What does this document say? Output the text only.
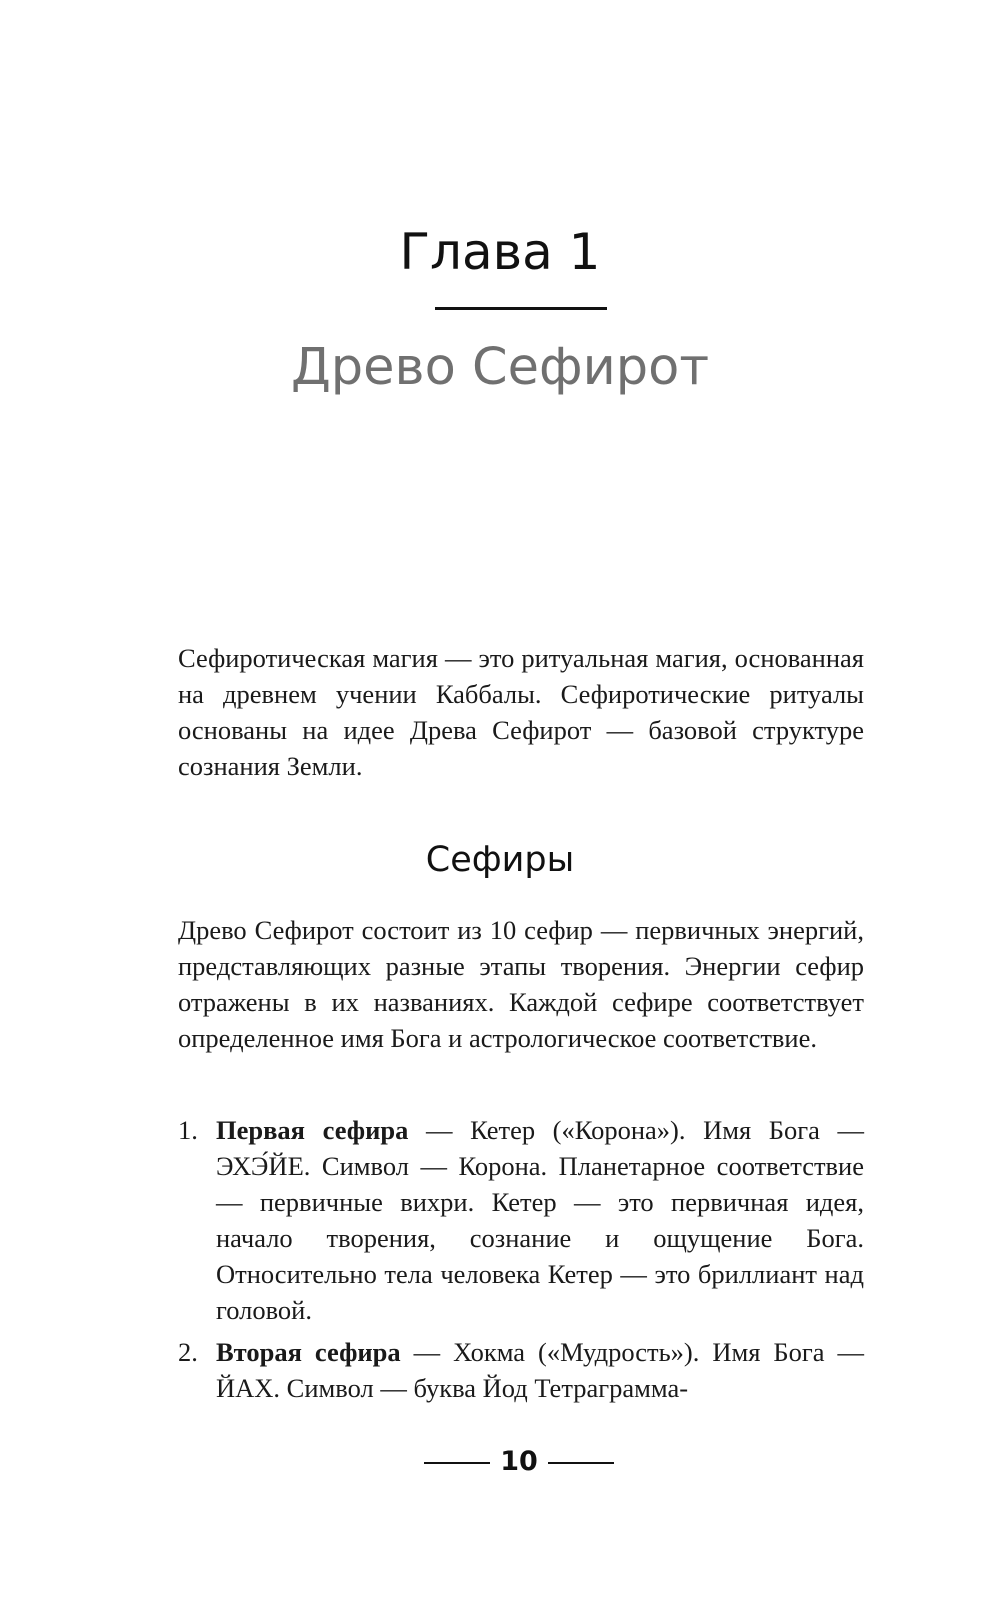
Глава 1
Древо Сефирот

Сефиротическая магия — это ритуальная магия, основанная на древнем учении Каббалы. Сефиротические ритуалы основаны на идее Древа Сефирот — базовой структуре сознания Земли.

Сефиры

Древо Сефирот состоит из 10 сефир — первичных энергий, представляющих разные этапы творения. Энергии сефир отражены в их названиях. Каждой сефире соответствует определенное имя Бога и астрологическое соответствие.

1. Первая сефира — Кетер («Корона»). Имя Бога — ЭХЭ́ЙЕ. Символ — Корона. Планетарное соответствие — первичные вихри. Кетер — это первичная идея, начало творения, сознание и ощущение Бога. Относительно тела человека Кетер — это бриллиант над головой.
2. Вторая сефира — Хокма («Мудрость»). Имя Бога — ЙАХ. Символ — буква Йод Тетраграмма-
10
